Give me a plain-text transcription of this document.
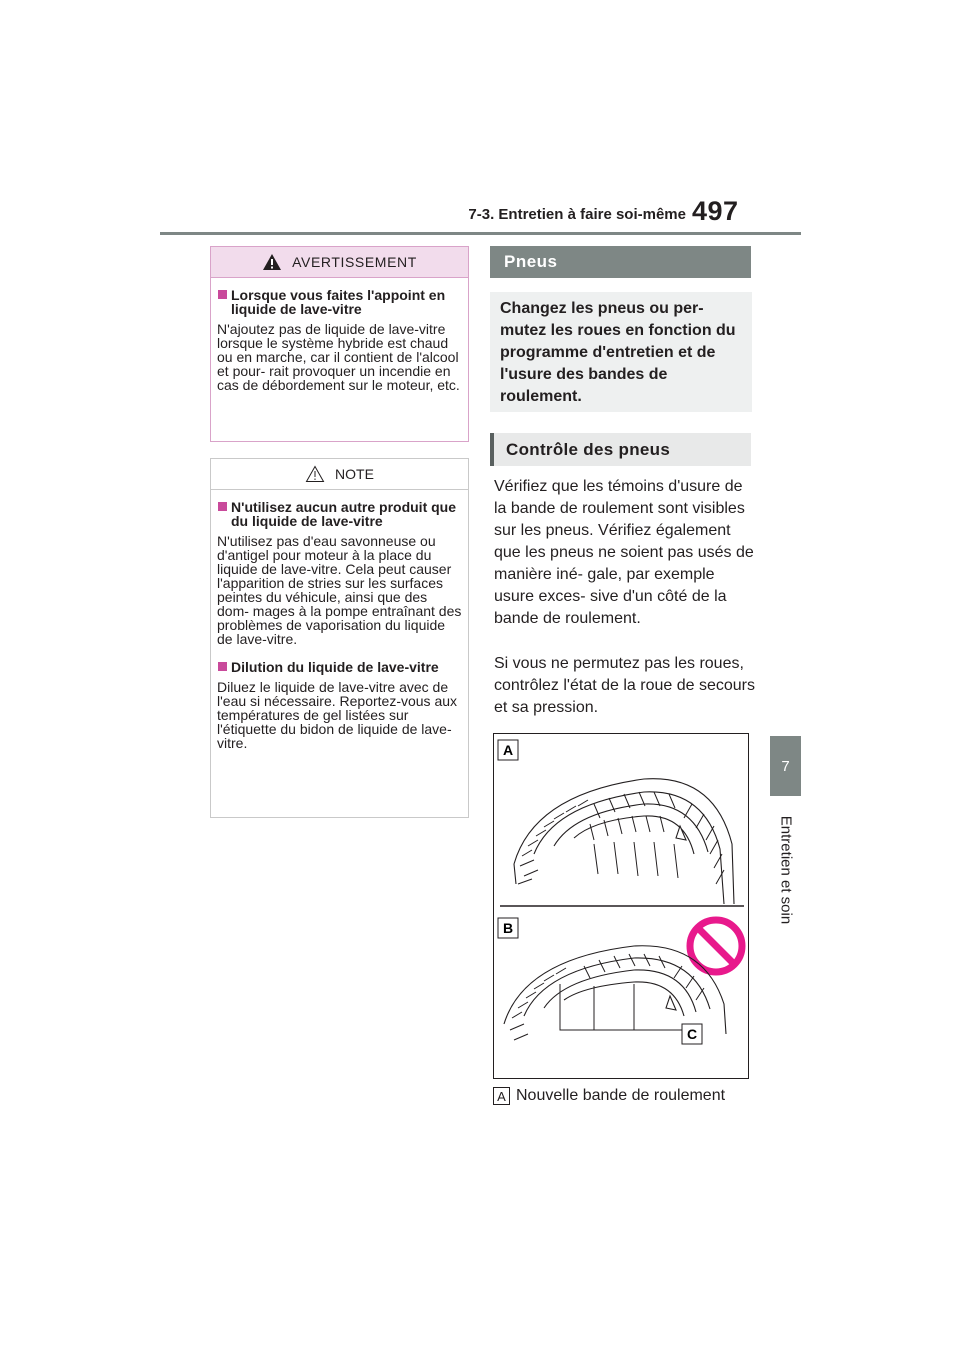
7-3. Entretien à faire soi-même 497
7
Entretien et soin
AVERTISSEMENT
Lorsque vous faites l'appoint en liquide de lave-vitre
N'ajoutez pas de liquide de lave-vitre lorsque le système hybride est chaud ou en marche, car il contient de l'alcool et pour- rait provoquer un incendie en cas de débordement sur le moteur, etc.
NOTE
N'utilisez aucun autre produit que du liquide de lave-vitre
N'utilisez pas d'eau savonneuse ou d'antigel pour moteur à la place du liquide de lave-vitre. Cela peut causer l'apparition de stries sur les surfaces peintes du véhicule, ainsi que des dom- mages à la pompe entraînant des problèmes de vaporisation du liquide de lave-vitre.
Dilution du liquide de lave-vitre
Diluez le liquide de lave-vitre avec de l'eau si nécessaire. Reportez-vous aux températures de gel listées sur l'étiquette du bidon de liquide de lave-vitre.
Pneus
Changez les pneus ou per- mutez les roues en fonction du programme d'entretien et de l'usure des bandes de roulement.
Contrôle des pneus
Vérifiez que les témoins d'usure de la bande de roulement sont visibles sur les pneus. Vérifiez également que les pneus ne soient pas usés de manière iné- gale, par exemple usure exces- sive d'un côté de la bande de roulement.
Si vous ne permutez pas les roues, contrôlez l'état de la roue de secours et sa pression.
A
B
C
A Nouvelle bande de roulement
